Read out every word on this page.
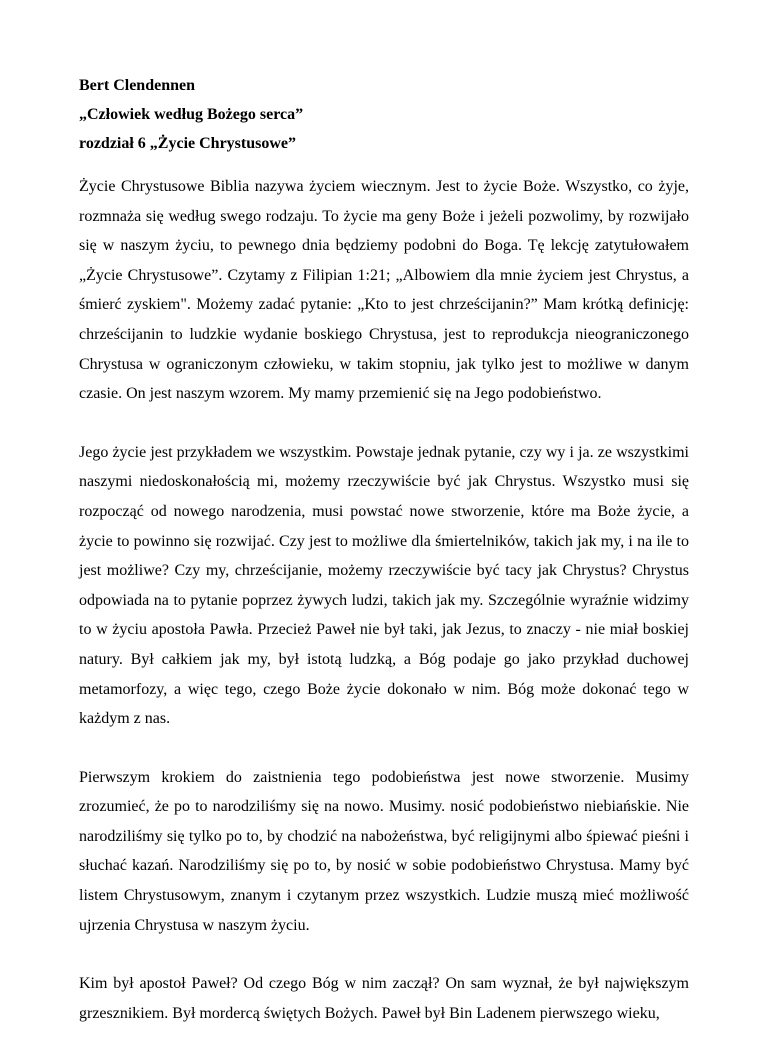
Bert Clendennen

„Człowiek według Bożego serca”

rozdział 6 „Życie Chrystusowe”

Życie Chrystusowe Biblia nazywa życiem wiecznym. Jest to życie Boże. Wszystko, co żyje, rozmnaża się według swego rodzaju. To życie ma geny Boże i jeżeli pozwolimy, by rozwijało się w naszym życiu, to pewnego dnia będziemy podobni do Boga. Tę lekcję zatytułowałem „Życie Chrystusowe”. Czytamy z Filipian 1:21; „Albowiem dla mnie życiem jest Chrystus, a śmierć zyskiem". Możemy zadać pytanie: „Kto to jest chrześcijanin?” Mam krótką definicję: chrześcijanin to ludzkie wydanie boskiego Chrystusa, jest to reprodukcja nieograniczonego Chrystusa w ograniczonym człowieku, w takim stopniu, jak tylko jest to możliwe w danym czasie. On jest naszym wzorem. My mamy przemienić się na Jego podobieństwo.

Jego życie jest przykładem we wszystkim. Powstaje jednak pytanie, czy wy i ja. ze wszystkimi naszymi niedoskonałością mi, możemy rzeczywiście być jak Chrystus. Wszystko musi się rozpocząć od nowego narodzenia, musi powstać nowe stworzenie, które ma Boże życie, a życie to powinno się rozwijać. Czy jest to możliwe dla śmiertelników, takich jak my, i na ile to jest możliwe? Czy my, chrześcijanie, możemy rzeczywiście być tacy jak Chrystus? Chrystus odpowiada na to pytanie poprzez żywych ludzi, takich jak my. Szczególnie wyraźnie widzimy to w życiu apostoła Pawła. Przecież Paweł nie był taki, jak Jezus, to znaczy - nie miał boskiej natury. Był całkiem jak my, był istotą ludzką, a Bóg podaje go jako przykład duchowej metamorfozy, a więc tego, czego Boże życie dokonało w nim. Bóg może dokonać tego w każdym z nas.

Pierwszym krokiem do zaistnienia tego podobieństwa jest nowe stworzenie. Musimy zrozumieć, że po to narodziliśmy się na nowo. Musimy. nosić podobieństwo niebiańskie. Nie narodziliśmy się tylko po to, by chodzić na nabożeństwa, być religijnymi albo śpiewać pieśni i słuchać kazań. Narodziliśmy się po to, by nosić w sobie podobieństwo Chrystusa. Mamy być listem Chrystusowym, znanym i czytanym przez wszystkich. Ludzie muszą mieć możliwość ujrzenia Chrystusa w naszym życiu.

Kim był apostoł Paweł? Od czego Bóg w nim zaczął? On sam wyznał, że był największym grzesznikiem. Był mordercą świętych Bożych. Paweł był Bin Ladenem pierwszego wieku,
